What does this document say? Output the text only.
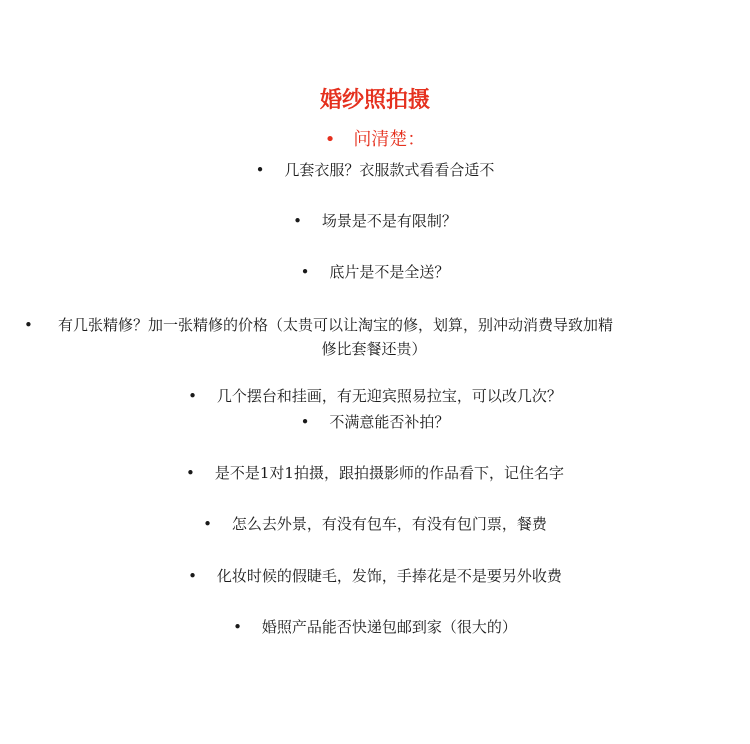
婚纱照拍摄
• 问清楚：
• 几套衣服？衣服款式看看合适不
• 场景是不是有限制？
• 底片是不是全送？
• 有几张精修？加一张精修的价格（太贵可以让淘宝的修，划算，别冲动消费导致加精
修比套餐还贵）
• 几个摆台和挂画，有无迎宾照易拉宝，可以改几次？
• 不满意能否补拍？
• 是不是1对1拍摄，跟拍摄影师的作品看下，记住名字
• 怎么去外景，有没有包车，有没有包门票，餐费
• 化妆时候的假睫毛，发饰，手捧花是不是要另外收费
• 婚照产品能否快递包邮到家（很大的）
